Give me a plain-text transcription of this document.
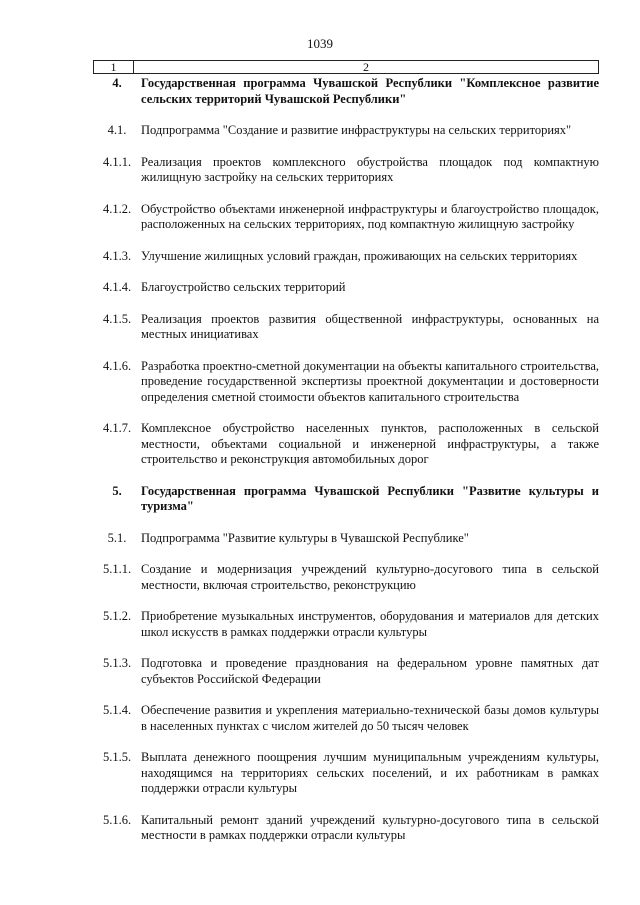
1039
1	2
4.	Государственная программа Чувашской Республики "Комплексное развитие сельских территорий Чувашской Республики"
4.1.	Подпрограмма "Создание и развитие инфраструктуры на сельских территориях"
4.1.1. Реализация проектов комплексного обустройства площадок под компактную жилищную застройку на сельских территориях
4.1.2. Обустройство объектами инженерной инфраструктуры и благоустройство площадок, расположенных на сельских территориях, под компактную жилищную застройку
4.1.3. Улучшение жилищных условий граждан, проживающих на сельских территориях
4.1.4. Благоустройство сельских территорий
4.1.5. Реализация проектов развития общественной инфраструктуры, основанных на местных инициативах
4.1.6. Разработка проектно-сметной документации на объекты капитального строительства, проведение государственной экспертизы проектной документации и достоверности определения сметной стоимости объектов капитального строительства
4.1.7. Комплексное обустройство населенных пунктов, расположенных в сельской местности, объектами социальной и инженерной инфраструктуры, а также строительство и реконструкция автомобильных дорог
5.	Государственная программа Чувашской Республики "Развитие культуры и туризма"
5.1.	Подпрограмма "Развитие культуры в Чувашской Республике"
5.1.1. Создание и модернизация учреждений культурно-досугового типа в сельской местности, включая строительство, реконструкцию
5.1.2. Приобретение музыкальных инструментов, оборудования и материалов для детских школ искусств в рамках поддержки отрасли культуры
5.1.3. Подготовка и проведение празднования на федеральном уровне памятных дат субъектов Российской Федерации
5.1.4. Обеспечение развития и укрепления материально-технической базы домов культуры в населенных пунктах с числом жителей до 50 тысяч человек
5.1.5. Выплата денежного поощрения лучшим муниципальным учреждениям культуры, находящимся на территориях сельских поселений, и их работникам в рамках поддержки отрасли культуры
5.1.6. Капитальный ремонт зданий учреждений культурно-досугового типа в сельской местности в рамках поддержки отрасли культуры
